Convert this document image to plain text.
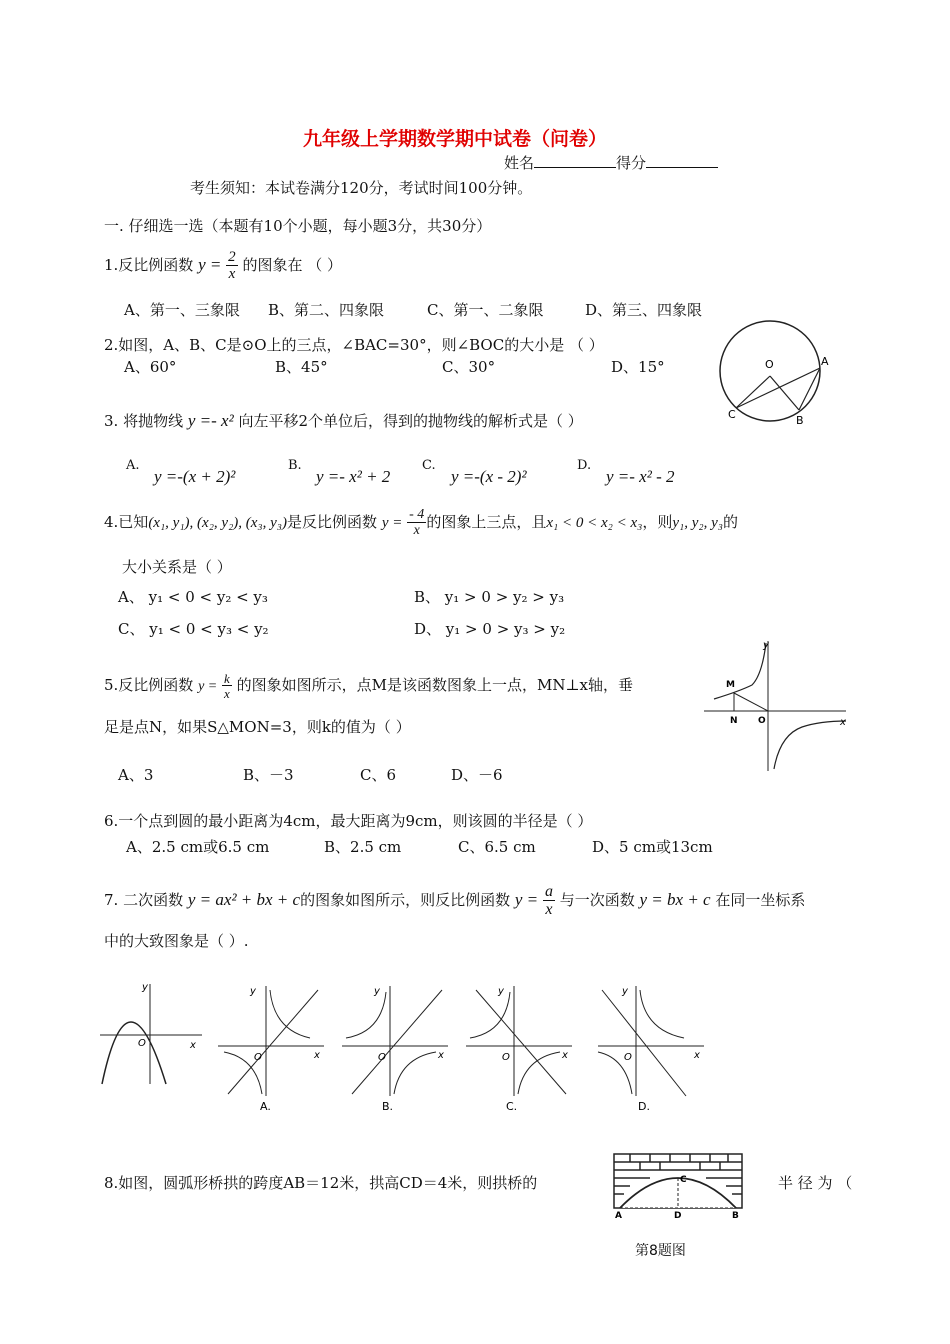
九年级上学期数学期中试卷（问卷）
姓名	得分
考生须知：本试卷满分120分，考试时间100分钟。
一. 仔细选一选（本题有10个小题，每小题3分，共30分）
1.反比例函数 $y = \frac{2}{x}$ 的图象在 （ ）
A、第一、三象限 B、第二、四象限	C、第一、二象限	D、第三、四象限
2.如图，A、B、C是⊙O上的三点，∠BAC=30°，则∠BOC的大小是 （ ）
A、60°	B、45°	C、30°	D、15°	O	A
B
C
3. 将抛物线 y =- x² 向左平移2个单位后，得到的抛物线的解析式是（ ）
A.
y =-(x + 2)²
B.
y =- x² + 2
C.
y =-(x - 2)²
D.
y =- x² - 2
4.已知(x₁, y₁), (x₂, y₂), (x₃, y₃)是反比例函数 $y = \frac{- 4}{x}$ 的图象上三点，且x₁ < 0 < x₂ < x₃，则y₁, y₂, y₃的
大小关系是（ ）
A、 y₁ < 0 < y₂ < y₃	B、 y₁ > 0 > y₂ > y₃
C、 y₁ < 0 < y₃ < y₂	D、 y₁ > 0 > y₃ > y₂
5.反比例函数 $y = \frac{k}{x}$ 的图象如图所示，点M是该函数图象上一点，MN⊥x轴，垂
足是点N，如果S△MON=3，则k的值为（ ）
A、3	B、－3	C、6	D、－6
y
M
N O	x
6.一个点到圆的最小距离为4cm，最大距离为9cm，则该圆的半径是（ ）
A、2.5 cm或6.5 cm	B、2.5 cm	C、6.5 cm	D、5 cm或13cm
7. 二次函数 y = ax² + bx + c的图象如图所示，则反比例函数 $y = \frac{a}{x}$ 与一次函数 y = bx + c 在同一坐标系
中的大致图象是（ ）.
y
O	x
y
O	x
A.
y
O	x
B.
y
O	x
C.
y
O	x
D.
8.如图，圆弧形桥拱的跨度AB＝12米，拱高CD＝4米，则拱桥的	半 径 为 （
A	B
C
D
第8题图
